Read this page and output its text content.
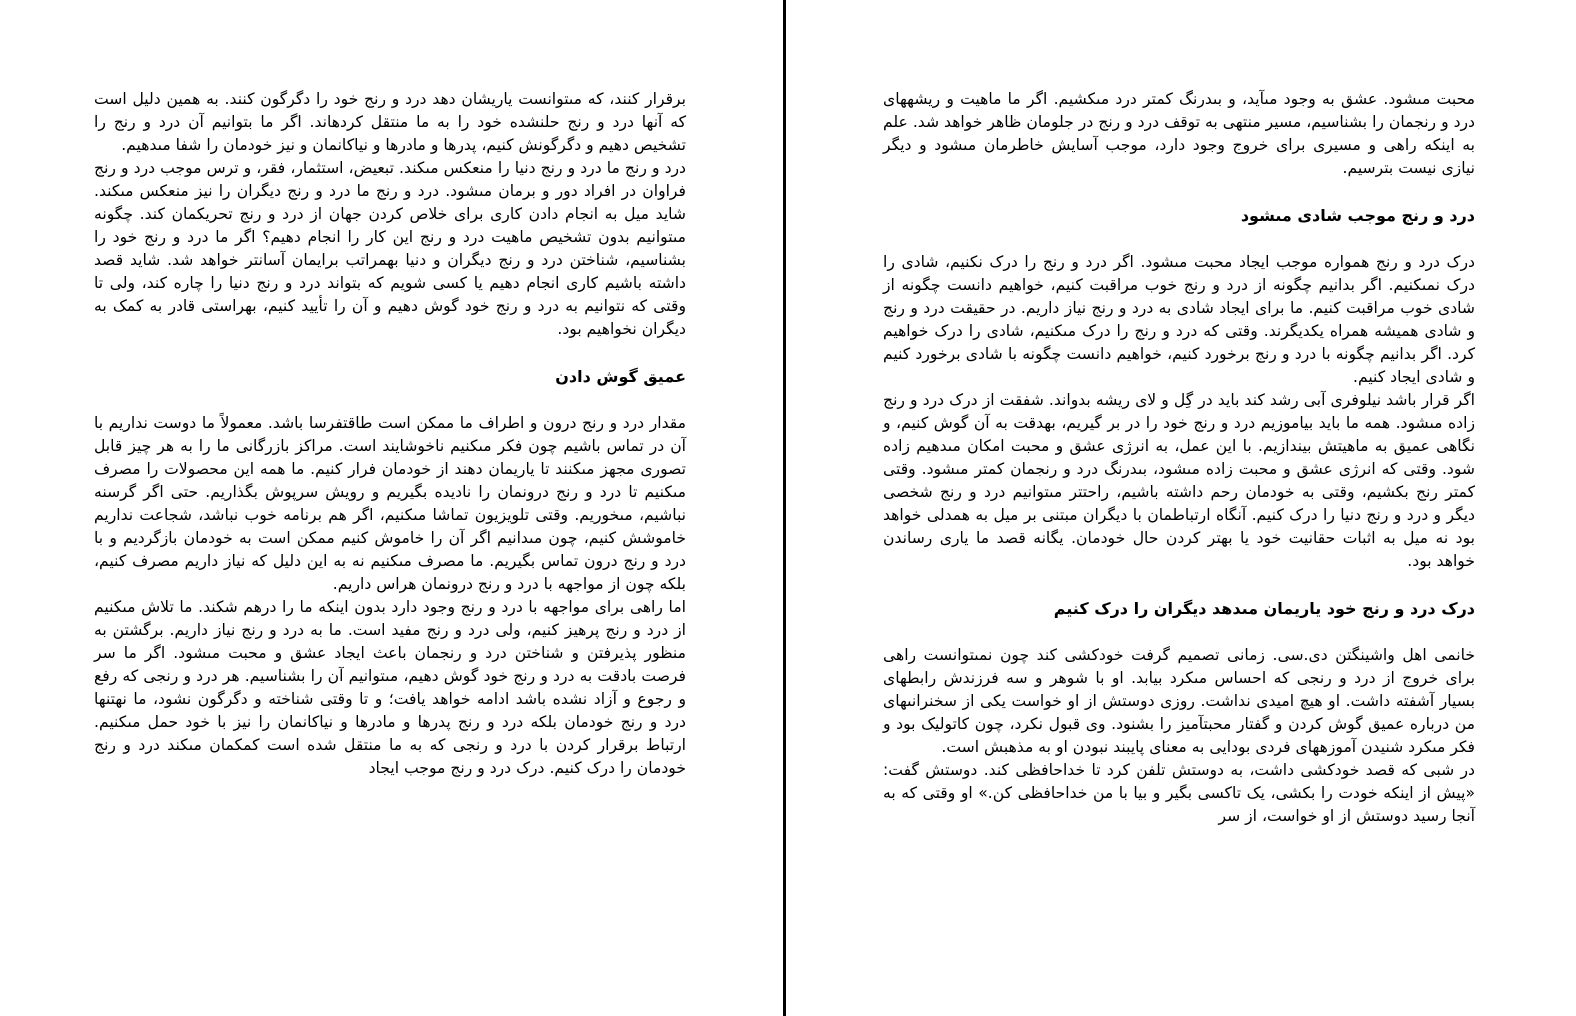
برقرار كنند، كه مىتوانست ياريشان دهد درد و رنج خود را دگرگون كنند. به همين دليل است كه آنها درد و رنج حلنشده خود را به ما منتقل كردهاند. اگر ما بتوانيم آن درد و رنج را تشخيص دهيم و دگرگونش كنيم، پدرها و مادرها و نياكانمان و نيز خودمان را شفا مىدهيم.

درد و رنج ما درد و رنج دنيا را منعكس مىكند. تبعيض، استثمار، فقر، و ترس موجب درد و رنج فراوان در افراد دور و برمان مىشود. درد و رنج ما درد و رنج ديگران را نيز منعكس مىكند. شايد ميل به انجام دادن كارى براى خلاص كردن جهان از درد و رنج تحريكمان كند. چگونه مىتوانيم بدون تشخيص ماهيت درد و رنج اين كار را انجام دهيم؟ اگر ما درد و رنج خود را بشناسيم، شناختن درد و رنج ديگران و دنيا بهمراتب برايمان آسانتر خواهد شد. شايد قصد داشته باشيم كارى انجام دهيم يا كسى شويم كه بتواند درد و رنج دنيا را چاره كند، ولى تا وقتى كه نتوانيم به درد و رنج خود گوش دهيم و آن را تأييد كنيم، بهراستى قادر به كمک به ديگران نخواهيم بود.

عميق گوش دادن

مقدار درد و رنج درون و اطراف ما ممكن است طاقتفرسا باشد. معمولاً ما دوست نداريم با آن در تماس باشيم چون فكر مىكنيم ناخوشايند است. مراكز بازرگانى ما را به هر چيز قابل تصورى مجهز مىكنند تا ياريمان دهند از خودمان فرار كنيم. ما همه اين محصولات را مصرف مىكنيم تا درد و رنج درونمان را ناديده بگيريم و رويش سرپوش بگذاريم. حتى اگر گرسنه نباشيم، مىخوريم. وقتى تلويزيون تماشا مىكنيم، اگر هم برنامه خوب نباشد، شجاعت نداريم خاموشش كنيم، چون مىدانيم اگر آن را خاموش كنيم ممكن است به خودمان بازگرديم و با درد و رنج درون تماس بگيريم. ما مصرف مىكنيم نه به اين دليل كه نياز داريم مصرف كنيم، بلكه چون از مواجهه با درد و رنج درونمان هراس داريم.

اما راهى براى مواجهه با درد و رنج وجود دارد بدون اينكه ما را درهم شكند. ما تلاش مىكنيم از درد و رنج پرهيز كنيم، ولى درد و رنج مفيد است. ما به درد و رنج نياز داريم. برگشتن به منظور پذيرفتن و شناختن درد و رنجمان باعث ايجاد عشق و محبت مىشود. اگر ما سر فرصت بادقت به درد و رنج خود گوش دهيم، مىتوانيم آن را بشناسيم. هر درد و رنجى كه رفع و رجوع و آزاد نشده باشد ادامه خواهد يافت؛ و تا وقتى شناخته و دگرگون نشود، ما نهتنها درد و رنج خودمان بلكه درد و رنج پدرها و مادرها و نياكانمان را نيز با خود حمل مىكنيم. ارتباط برقرار كردن با درد و رنجى كه به ما منتقل شده است كمكمان مىكند درد و رنج خودمان را درک كنيم. درک درد و رنج موجب ايجاد

محبت مىشود. عشق به وجود مىآيد، و بىدرنگ كمتر درد مىكشيم. اگر ما ماهيت و ريشههاى درد و رنجمان را بشناسيم، مسير منتهى به توقف درد و رنج در جلومان ظاهر خواهد شد. علم به اينكه راهى و مسيرى براى خروج وجود دارد، موجب آسايش خاطرمان مىشود و ديگر نيازى نيست بترسيم.

درد و رنج موجب شادى مىشود

درک درد و رنج همواره موجب ايجاد محبت مىشود. اگر درد و رنج را درک نكنيم، شادى را درک نمىكنيم. اگر بدانيم چگونه از درد و رنج خوب مراقبت كنيم، خواهيم دانست چگونه از شادى خوب مراقبت كنيم. ما براى ايجاد شادى به درد و رنج نياز داريم. در حقيقت درد و رنج و شادى هميشه همراه يكديگرند. وقتى كه درد و رنج را درک مىكنيم، شادى را درک خواهيم كرد. اگر بدانيم چگونه با درد و رنج برخورد كنيم، خواهيم دانست چگونه با شادى برخورد كنيم و شادى ايجاد كنيم.

اگر قرار باشد نيلوفرى آبى رشد كند بايد در گِل و لاى ريشه بدواند. شفقت از درک درد و رنج زاده مىشود. همه ما بايد بياموزيم درد و رنج خود را در بر گيريم، بهدقت به آن گوش كنيم، و نگاهى عميق به ماهيتش بيندازيم. با اين عمل، به انرژى عشق و محبت امكان مىدهيم زاده شود. وقتى كه انرژى عشق و محبت زاده مىشود، بىدرنگ درد و رنجمان كمتر مىشود. وقتى كمتر رنج بكشيم، وقتى به خودمان رحم داشته باشيم، راحتتر مىتوانيم درد و رنج شخصى ديگر و درد و رنج دنيا را درک كنيم. آنگاه ارتباطمان با ديگران مبتنى بر ميل به همدلى خواهد بود نه ميل به اثبات حقانيت خود يا بهتر كردن حال خودمان. يگانه قصد ما يارى رساندن خواهد بود.

درک درد و رنج خود ياريمان مىدهد ديگران را درک كنيم

خانمى اهل واشينگتن دى.سى. زمانى تصميم گرفت خودكشى كند چون نمىتوانست راهى براى خروج از درد و رنجى كه احساس مىكرد بيابد. او با شوهر و سه فرزندش رابطهاى بسيار آشفته داشت. او هيچ اميدى نداشت. روزى دوستش از او خواست يكى از سخنرانىهاى من درباره عميق گوش كردن و گفتار محبتآميز را بشنود. وى قبول نكرد، چون كاتوليک بود و فكر مىكرد شنيدن آموزههاى فردى بودايى به معناى پايبند نبودن او به مذهبش است.

در شبى كه قصد خودكشى داشت، به دوستش تلفن كرد تا خداحافظى كند. دوستش گفت: «پيش از اينكه خودت را بكشى، يک تاكسى بگير و بيا با من خداحافظى كن.» او وقتى كه به آنجا رسيد دوستش از او خواست، از سر
